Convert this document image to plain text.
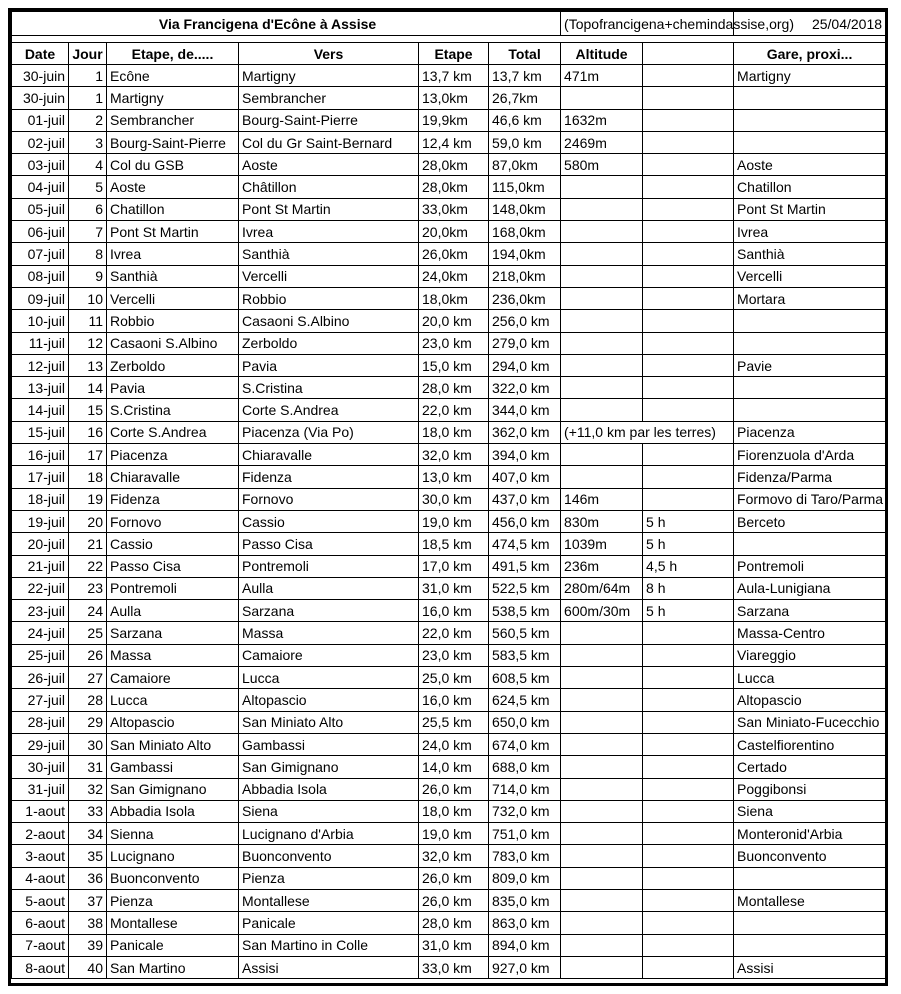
Via Francigena d'Ecône à Assise						(Topofrancigena+chemindassise,org)		25/04/2018

Date	Jour	Etape, de.....	Vers	Etape	Total	Altitude		Gare, proxi...
30-juin	1	Ecône	Martigny	13,7 km	13,7 km	471m		Martigny
30-juin	1	Martigny	Sembrancher	13,0km	26,7km			
01-juil	2	Sembrancher	Bourg-Saint-Pierre	19,9km	46,6 km	1632m		
02-juil	3	Bourg-Saint-Pierre	Col du Gr Saint-Bernard	12,4 km	59,0 km	2469m		
03-juil	4	Col du GSB	Aoste	28,0km	87,0km	580m		Aoste
04-juil	5	Aoste	Châtillon	28,0km	115,0km			Chatillon
05-juil	6	Chatillon	Pont St Martin	33,0km	148,0km			Pont St Martin
06-juil	7	Pont St Martin	Ivrea	20,0km	168,0km			Ivrea
07-juil	8	Ivrea	Santhià	26,0km	194,0km			Santhià
08-juil	9	Santhià	Vercelli	24,0km	218,0km			Vercelli
09-juil	10	Vercelli	Robbio	18,0km	236,0km			Mortara
10-juil	11	Robbio	Casaoni S.Albino	20,0 km	256,0 km			
11-juil	12	Casaoni S.Albino	Zerboldo	23,0 km	279,0 km			
12-juil	13	Zerboldo	Pavia	15,0 km	294,0 km			Pavie
13-juil	14	Pavia	S.Cristina	28,0 km	322,0 km			
14-juil	15	S.Cristina	Corte S.Andrea	22,0 km	344,0 km			
15-juil	16	Corte S.Andrea	Piacenza (Via Po)	18,0 km	362,0 km	(+11,0 km par les terres)		Piacenza
16-juil	17	Piacenza	Chiaravalle	32,0 km	394,0 km			Fiorenzuola d'Arda
17-juil	18	Chiaravalle	Fidenza	13,0 km	407,0 km			Fidenza/Parma
18-juil	19	Fidenza	Fornovo	30,0 km	437,0 km	146m		Formovo di Taro/Parma
19-juil	20	Fornovo	Cassio	19,0 km	456,0 km	830m	5 h	Berceto
20-juil	21	Cassio	Passo Cisa	18,5 km	474,5 km	1039m	5 h	
21-juil	22	Passo Cisa	Pontremoli	17,0 km	491,5 km	236m	4,5 h	Pontremoli
22-juil	23	Pontremoli	Aulla	31,0 km	522,5 km	280m/64m	8 h	Aula-Lunigiana
23-juil	24	Aulla	Sarzana	16,0 km	538,5 km	600m/30m	5 h	Sarzana
24-juil	25	Sarzana	Massa	22,0 km	560,5 km			Massa-Centro
25-juil	26	Massa	Camaiore	23,0 km	583,5 km			Viareggio
26-juil	27	Camaiore	Lucca	25,0 km	608,5 km			Lucca
27-juil	28	Lucca	Altopascio	16,0 km	624,5 km			Altopascio
28-juil	29	Altopascio	San Miniato Alto	25,5 km	650,0 km			San Miniato-Fucecchio
29-juil	30	San Miniato Alto	Gambassi	24,0 km	674,0 km			Castelfiorentino
30-juil	31	Gambassi	San Gimignano	14,0 km	688,0 km			Certado
31-juil	32	San Gimignano	Abbadia Isola	26,0 km	714,0 km			Poggibonsi
1-aout	33	Abbadia Isola	Siena	18,0 km	732,0 km			Siena
2-aout	34	Sienna	Lucignano d'Arbia	19,0 km	751,0 km			Monteronid'Arbia
3-aout	35	Lucignano	Buonconvento	32,0 km	783,0 km			Buonconvento
4-aout	36	Buonconvento	Pienza	26,0 km	809,0 km			
5-aout	37	Pienza	Montallese	26,0 km	835,0 km			Montallese
6-aout	38	Montallese	Panicale	28,0 km	863,0 km			
7-aout	39	Panicale	San Martino in Colle	31,0 km	894,0 km			
8-aout	40	San Martino	Assisi	33,0 km	927,0 km			Assisi
